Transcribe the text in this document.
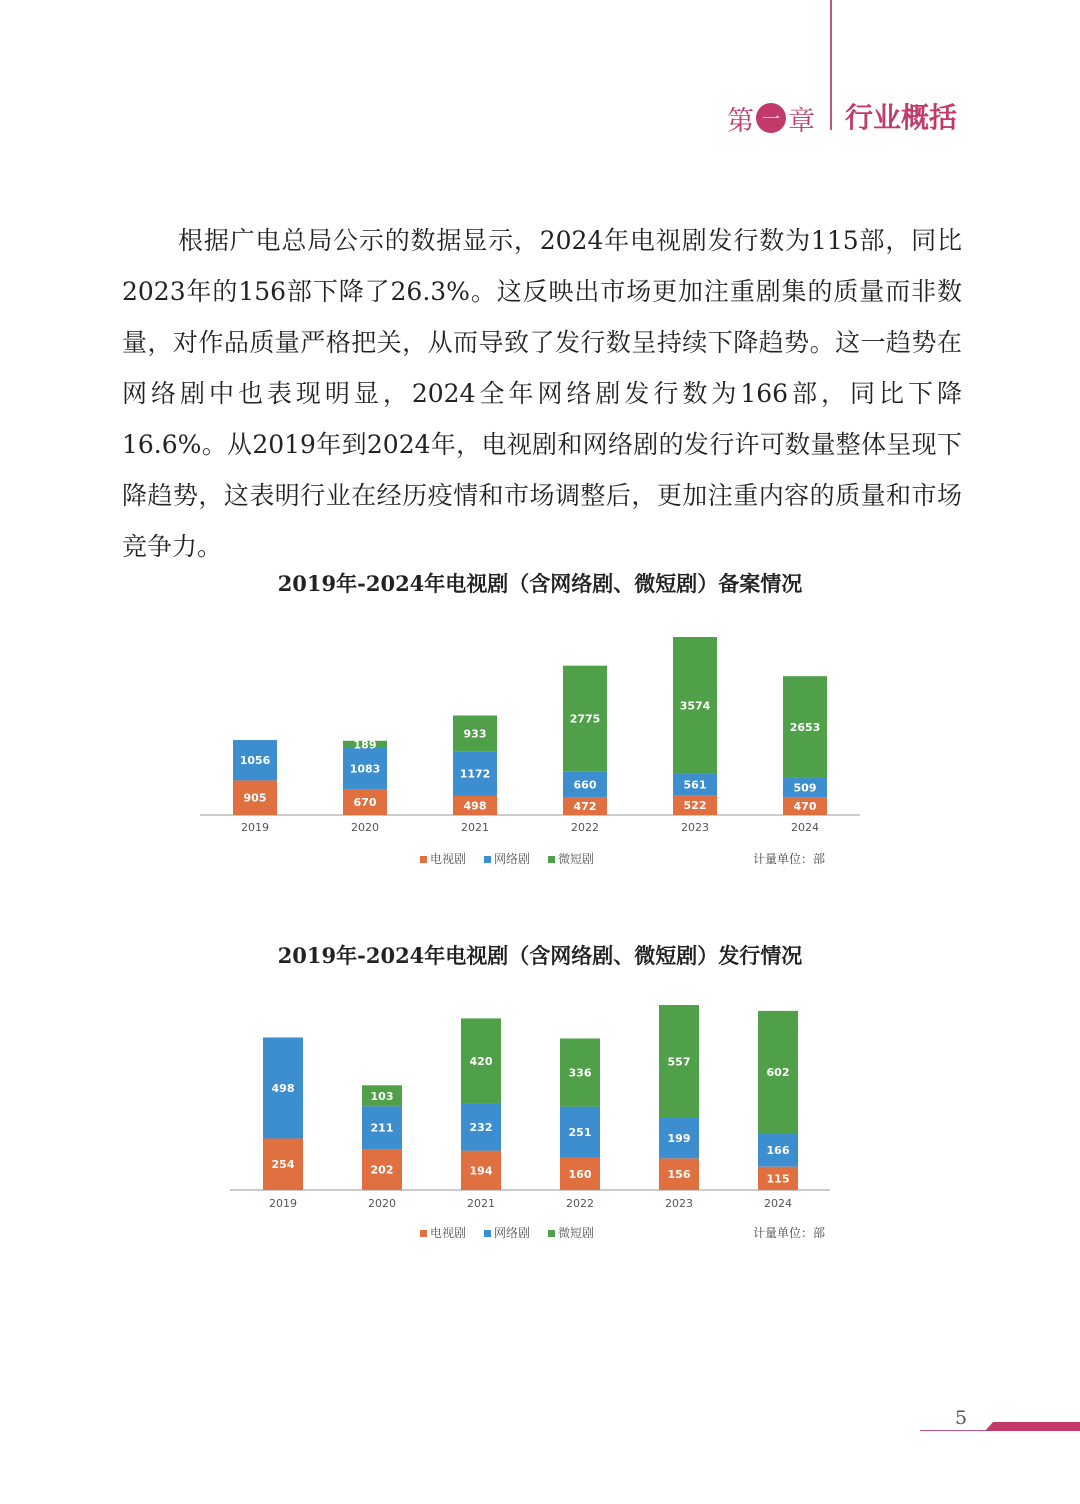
第 一 章 行业概括

根据广电总局公示的数据显示，2024年电视剧发行数为115部，同比2023年的156部下降了26.3%。这反映出市场更加注重剧集的质量而非数量，对作品质量严格把关，从而导致了发行数呈持续下降趋势。这一趋势在网络剧中也表现明显，2024全年网络剧发行数为166部，同比下降16.6%。从2019年到2024年，电视剧和网络剧的发行许可数量整体呈现下降趋势，这表明行业在经历疫情和市场调整后，更加注重内容的质量和市场竞争力。

2019年-2024年电视剧（含网络剧、微短剧）备案情况
905
1056
2019
670
1083
189
2020
498
1172
933
2021
472
660
2775
2022
522
561
3574
2023
470
509
2653
2024
电视剧 网络剧 微短剧	计量单位：部
2019年-2024年电视剧（含网络剧、微短剧）发行情况
254
498
2019
202
211
103
2020
194
232
420
2021
160
251
336
2022
156
199
557
2023
115
166
602
2024
电视剧 网络剧 微短剧	计量单位：部
5
